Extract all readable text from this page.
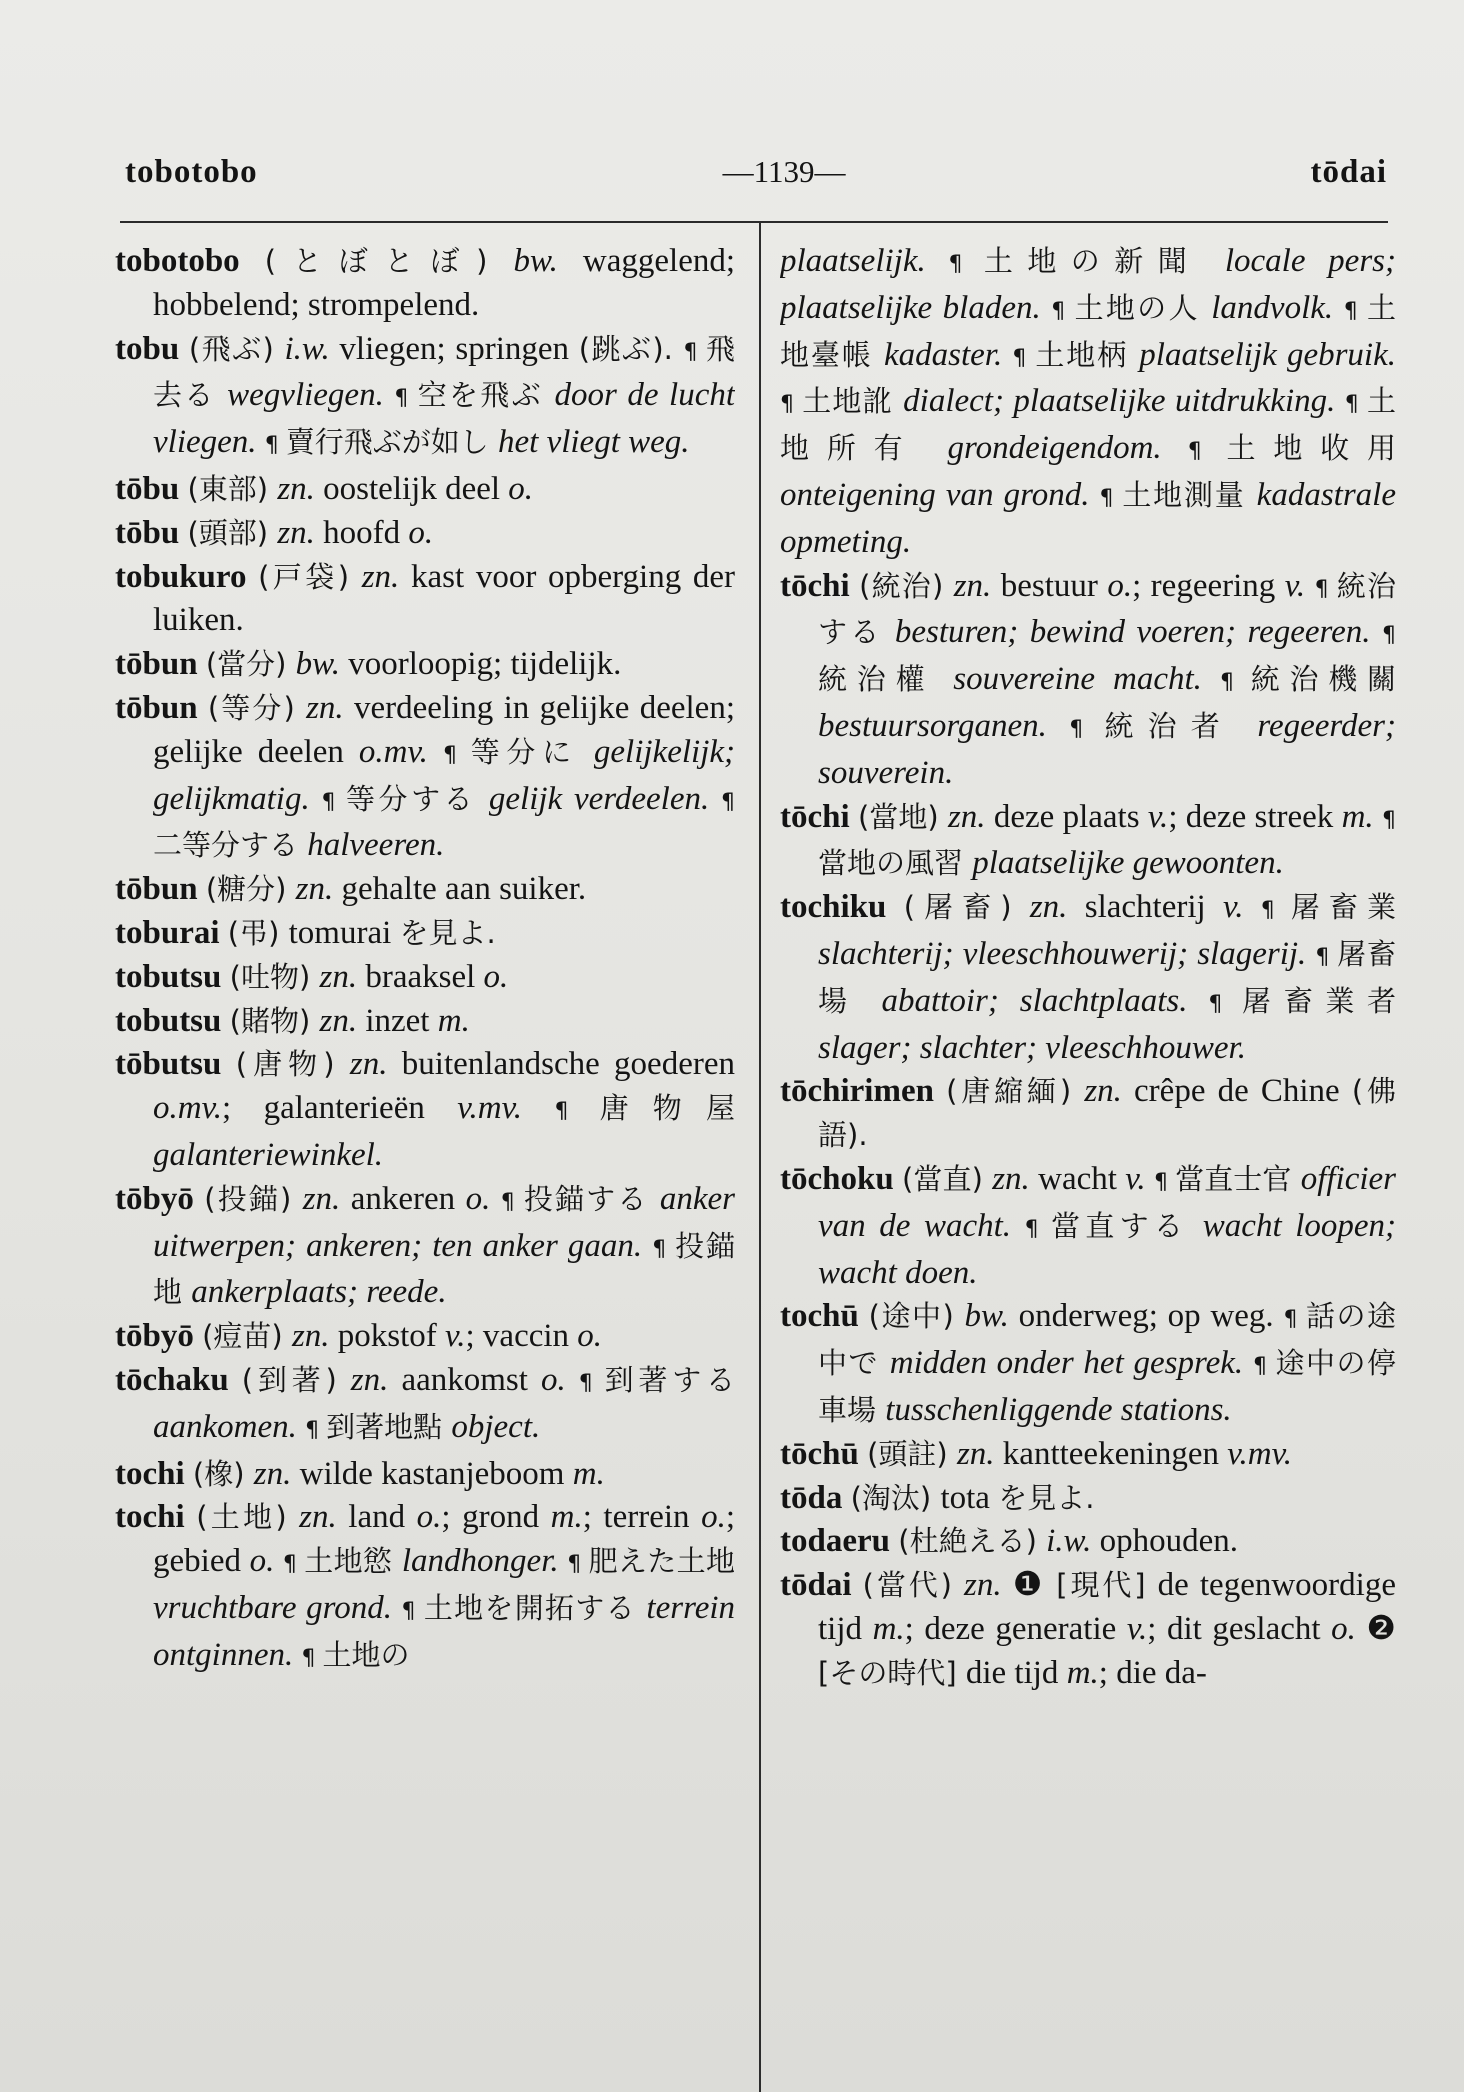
tobotobo	—1139—	tōdai

tobotobo (とぼとぼ) bw. waggelend; hobbelend; strompelend.

tobu (飛ぶ) i.w. vliegen; springen (跳ぶ). ¶ 飛去る wegvliegen. ¶ 空を飛ぶ door de lucht vliegen. ¶ 賣行飛ぶが如し het vliegt weg.

tōbu (東部) zn. oostelijk deel o.

tōbu (頭部) zn. hoofd o.

tobukuro (戸袋) zn. kast voor opberging der luiken.

tōbun (當分) bw. voorloopig; tijdelijk.

tōbun (等分) zn. verdeeling in gelijke deelen; gelijke deelen o.mv. ¶ 等分に gelijkelijk; gelijkmatig. ¶ 等分する gelijk verdeelen. ¶ 二等分する halveeren.

tōbun (糖分) zn. gehalte aan suiker.

toburai (弔) tomurai を見よ.

tobutsu (吐物) zn. braaksel o.

tobutsu (賭物) zn. inzet m.

tōbutsu (唐物) zn. buitenlandsche goederen o.mv.; galanterieën v.mv. ¶ 唐物屋 galanteriewinkel.

tōbyō (投錨) zn. ankeren o. ¶ 投錨する anker uitwerpen; ankeren; ten anker gaan. ¶ 投錨地 ankerplaats; reede.

tōbyō (痘苗) zn. pokstof v.; vaccin o.

tōchaku (到著) zn. aankomst o. ¶ 到著する aankomen. ¶ 到著地點 object.

tochi (橡) zn. wilde kastanjeboom m.

tochi (土地) zn. land o.; grond m.; terrein o.; gebied o. ¶ 土地慾 landhonger. ¶ 肥えた土地 vruchtbare grond. ¶ 土地を開拓する terrein ontginnen. ¶ 土地の

plaatselijk. ¶ 土地の新聞 locale pers; plaatselijke bladen. ¶ 土地の人 landvolk. ¶ 土地臺帳 kadaster. ¶ 土地柄 plaatselijk gebruik. ¶ 土地訛 dialect; plaatselijke uitdrukking. ¶ 土地所有 grondeigendom. ¶ 土地收用 onteigening van grond. ¶ 土地測量 kadastrale opmeting.

tōchi (統治) zn. bestuur o.; regeering v. ¶ 統治する besturen; bewind voeren; regeeren. ¶ 統治權 souvereine macht. ¶ 統治機關 bestuursorganen. ¶ 統治者 regeerder; souverein.

tōchi (當地) zn. deze plaats v.; deze streek m. ¶ 當地の風習 plaatselijke gewoonten.

tochiku (屠畜) zn. slachterij v. ¶ 屠畜業 slachterij; vleeschhouwerij; slagerij. ¶ 屠畜場 abattoir; slachtplaats. ¶ 屠畜業者 slager; slachter; vleeschhouwer.

tōchirimen (唐縮緬) zn. crêpe de Chine (佛語).

tōchoku (當直) zn. wacht v. ¶ 當直士官 officier van de wacht. ¶ 當直する wacht loopen; wacht doen.

tochū (途中) bw. onderweg; op weg. ¶ 話の途中で midden onder het gesprek. ¶ 途中の停車場 tusschenliggende stations.

tōchū (頭註) zn. kantteekeningen v.mv.

tōda (淘汰) tota を見よ.

todaeru (杜絶える) i.w. ophouden.

tōdai (當代) zn. ❶ [現代] de tegenwoordige tijd m.; deze generatie v.; dit geslacht o. ❷ [その時代] die tijd m.; die da-
